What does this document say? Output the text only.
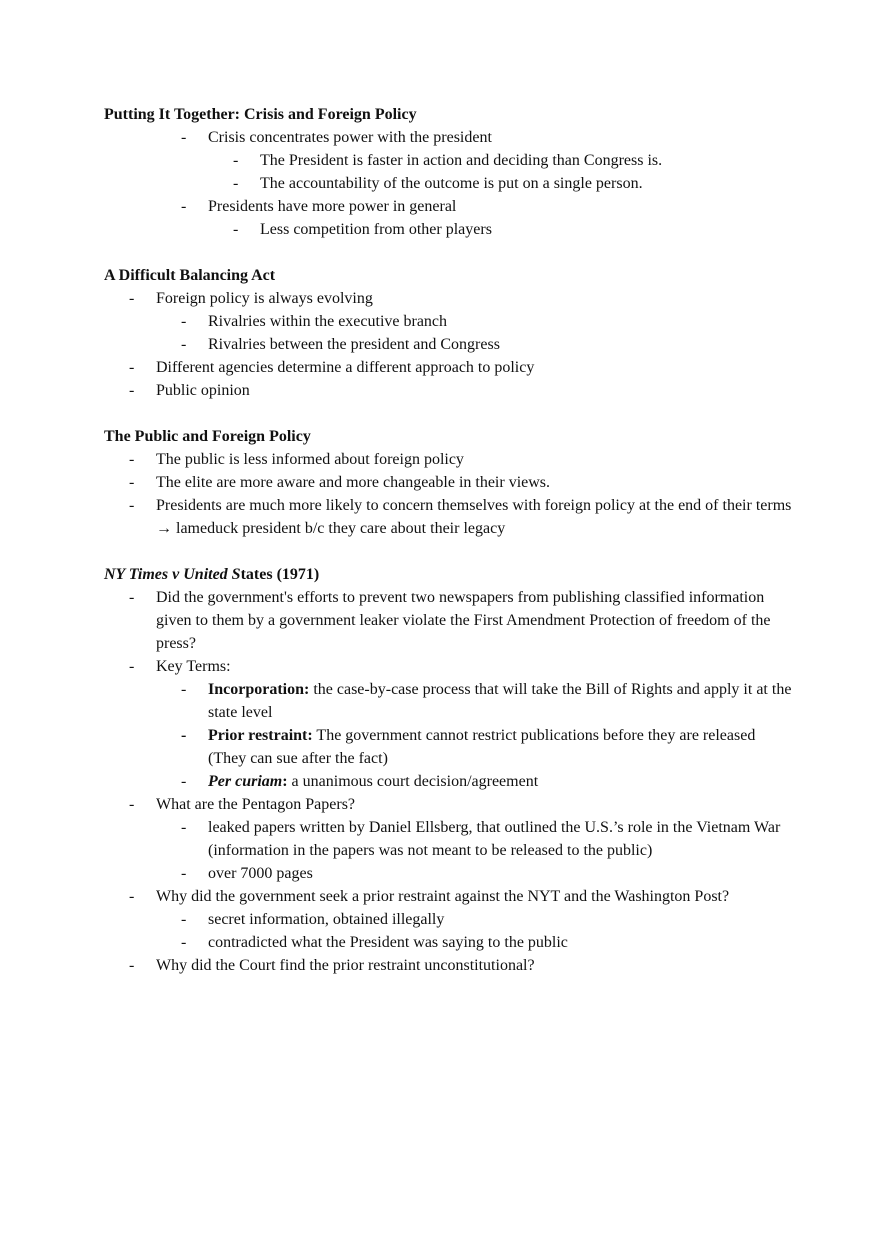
Putting It Together: Crisis and Foreign Policy
- Crisis concentrates power with the president
- The President is faster in action and deciding than Congress is.
- The accountability of the outcome is put on a single person.
- Presidents have more power in general
- Less competition from other players
A Difficult Balancing Act
- Foreign policy is always evolving
- Rivalries within the executive branch
- Rivalries between the president and Congress
- Different agencies determine a different approach to policy
- Public opinion
The Public and Foreign Policy
- The public is less informed about foreign policy
- The elite are more aware and more changeable in their views.
- Presidents are much more likely to concern themselves with foreign policy at the end of their terms → lameduck president b/c they care about their legacy
NY Times v United States (1971)
- Did the government's efforts to prevent two newspapers from publishing classified information given to them by a government leaker violate the First Amendment Protection of freedom of the press?
- Key Terms:
- Incorporation: the case-by-case process that will take the Bill of Rights and apply it at the state level
- Prior restraint: The government cannot restrict publications before they are released (They can sue after the fact)
- Per curiam: a unanimous court decision/agreement
- What are the Pentagon Papers?
- leaked papers written by Daniel Ellsberg, that outlined the U.S.’s role in the Vietnam War (information in the papers was not meant to be released to the public)
- over 7000 pages
- Why did the government seek a prior restraint against the NYT and the Washington Post?
- secret information, obtained illegally
- contradicted what the President was saying to the public
- Why did the Court find the prior restraint unconstitutional?
